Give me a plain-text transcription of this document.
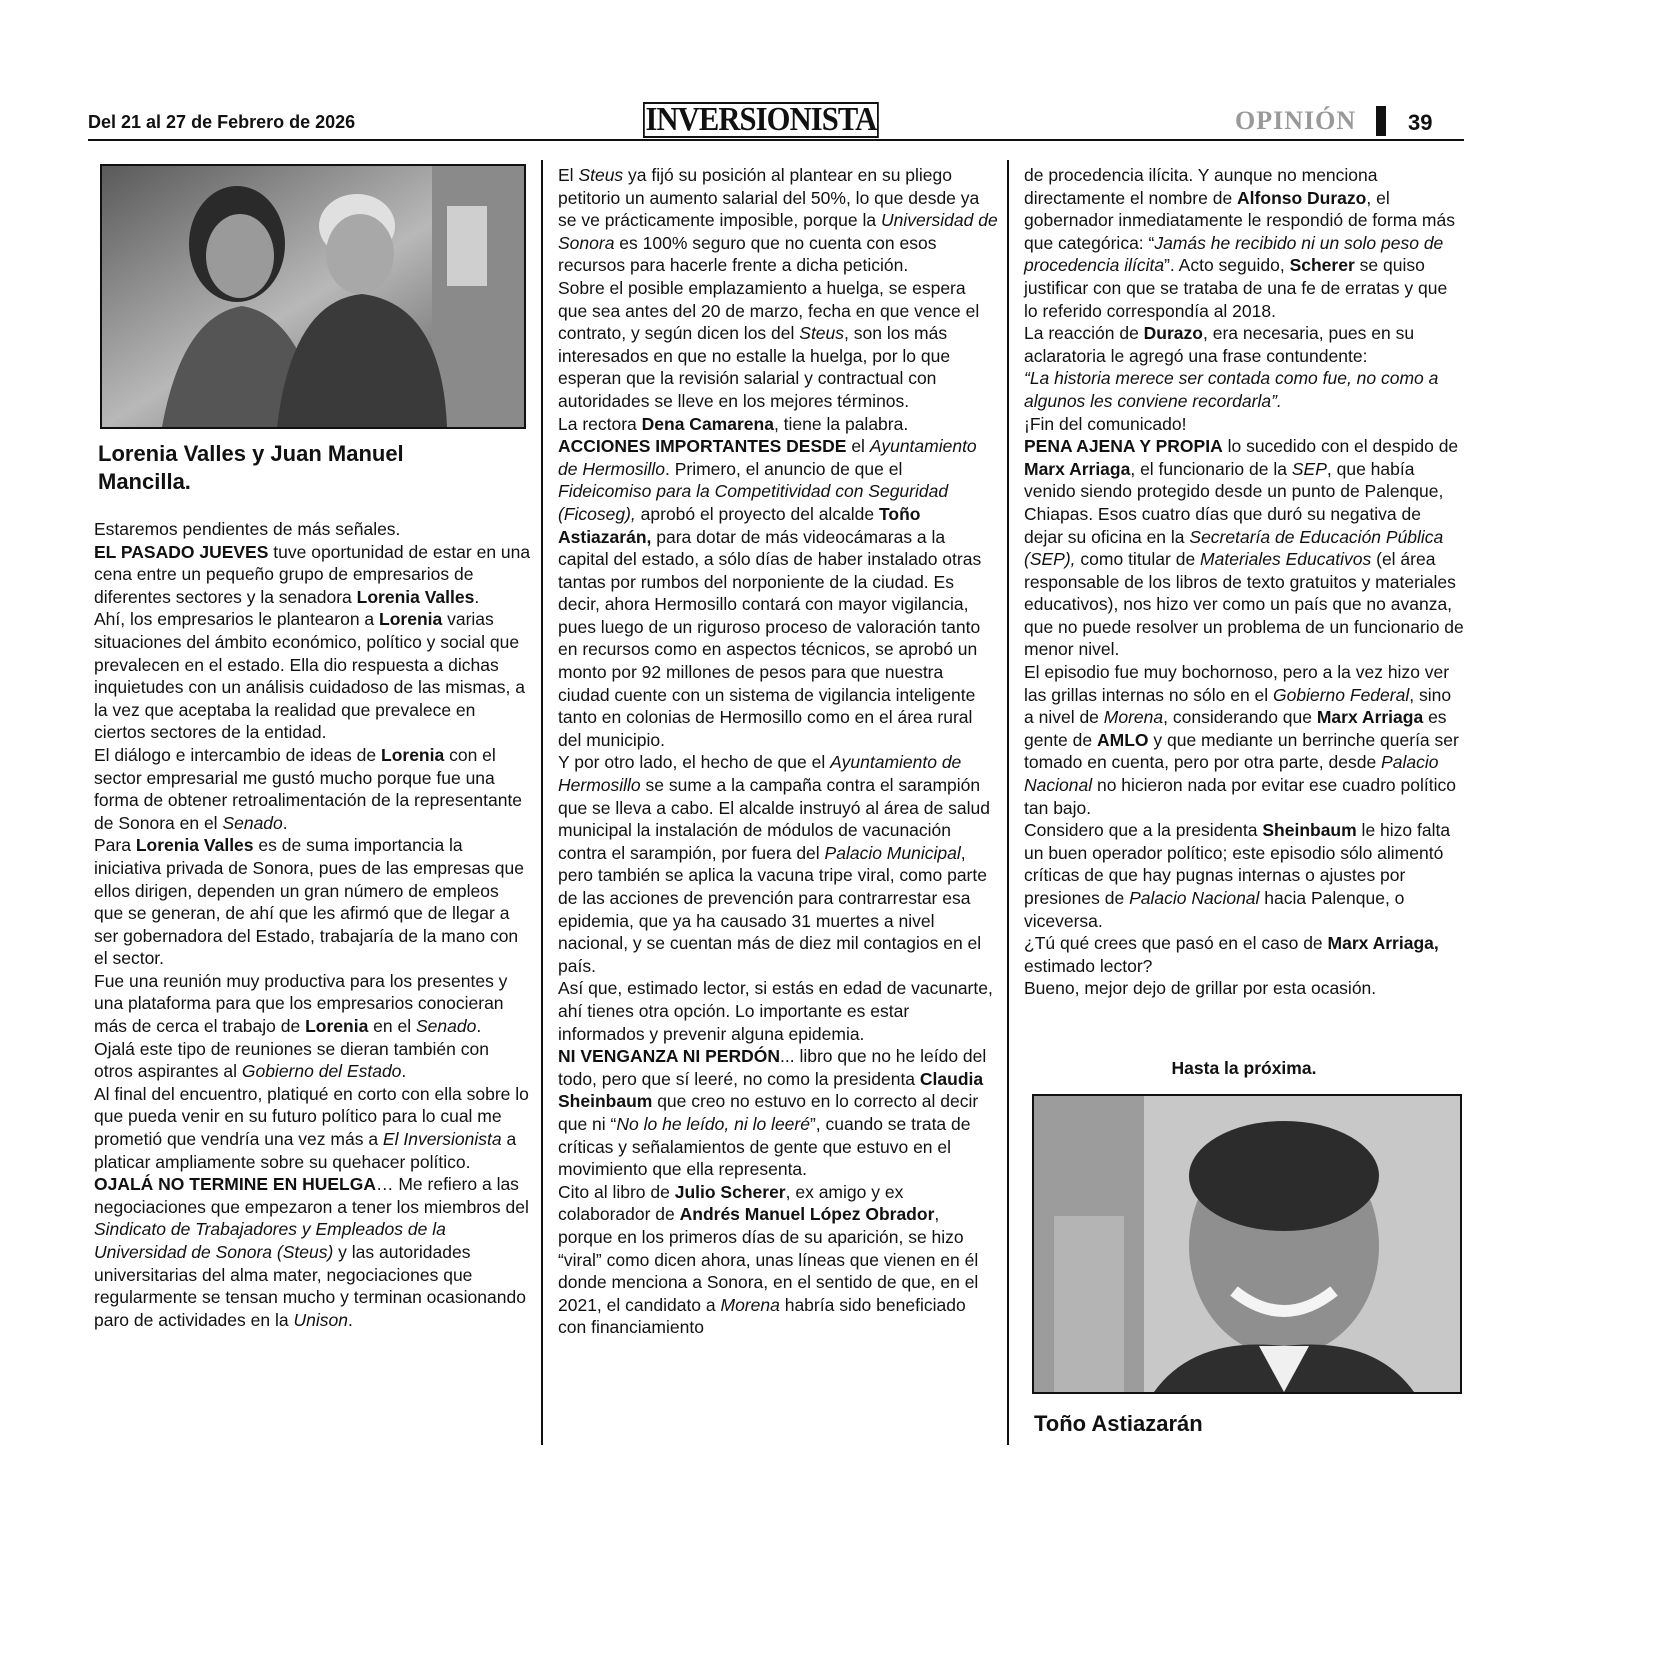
Del 21 al 27 de Febrero de 2026	INVERSIONISTA	OPINIÓN 39
Lorenia Valles y Juan Manuel Mancilla.

Estaremos pendientes de más señales.

EL PASADO JUEVES tuve oportunidad de estar en una cena entre un pequeño grupo de empresarios de diferentes sectores y la senadora Lorenia Valles.

Ahí, los empresarios le plantearon a Lorenia varias situaciones del ámbito económico, político y social que prevalecen en el estado. Ella dio respuesta a dichas inquietudes con un análisis cuidadoso de las mismas, a la vez que aceptaba la realidad que prevalece en ciertos sectores de la entidad.

El diálogo e intercambio de ideas de Lorenia con el sector empresarial me gustó mucho porque fue una forma de obtener retroalimentación de la representante de Sonora en el Senado.

Para Lorenia Valles es de suma importancia la iniciativa privada de Sonora, pues de las empresas que ellos dirigen, dependen un gran número de empleos que se generan, de ahí que les afirmó que de llegar a ser gobernadora del Estado, trabajaría de la mano con el sector.

Fue una reunión muy productiva para los presentes y una plataforma para que los empresarios conocieran más de cerca el trabajo de Lorenia en el Senado.

Ojalá este tipo de reuniones se dieran también con otros aspirantes al Gobierno del Estado.

Al final del encuentro, platiqué en corto con ella sobre lo que pueda venir en su futuro político para lo cual me prometió que vendría una vez más a El Inversionista a platicar ampliamente sobre su quehacer político.

OJALÁ NO TERMINE EN HUELGA… Me refiero a las negociaciones que empezaron a tener los miembros del Sindicato de Trabajadores y Empleados de la Universidad de Sonora (Steus) y las autoridades universitarias del alma mater, negociaciones que regularmente se tensan mucho y terminan ocasionando paro de actividades en la Unison.

El Steus ya fijó su posición al plantear en su pliego petitorio un aumento salarial del 50%, lo que desde ya se ve prácticamente imposible, porque la Universidad de Sonora es 100% seguro que no cuenta con esos recursos para hacerle frente a dicha petición.

Sobre el posible emplazamiento a huelga, se espera que sea antes del 20 de marzo, fecha en que vence el contrato, y según dicen los del Steus, son los más interesados en que no estalle la huelga, por lo que esperan que la revisión salarial y contractual con autoridades se lleve en los mejores términos.

La rectora Dena Camarena, tiene la palabra.

ACCIONES IMPORTANTES DESDE el Ayuntamiento de Hermosillo. Primero, el anuncio de que el Fideicomiso para la Competitividad con Seguridad (Ficoseg), aprobó el proyecto del alcalde Toño Astiazarán, para dotar de más videocámaras a la capital del estado, a sólo días de haber instalado otras tantas por rumbos del norponiente de la ciudad. Es decir, ahora Hermosillo contará con mayor vigilancia, pues luego de un riguroso proceso de valoración tanto en recursos como en aspectos técnicos, se aprobó un monto por 92 millones de pesos para que nuestra ciudad cuente con un sistema de vigilancia inteligente tanto en colonias de Hermosillo como en el área rural del municipio.

Y por otro lado, el hecho de que el Ayuntamiento de Hermosillo se sume a la campaña contra el sarampión que se lleva a cabo. El alcalde instruyó al área de salud municipal la instalación de módulos de vacunación contra el sarampión, por fuera del Palacio Municipal, pero también se aplica la vacuna tripe viral, como parte de las acciones de prevención para contrarrestar esa epidemia, que ya ha causado 31 muertes a nivel nacional, y se cuentan más de diez mil contagios en el país.

Así que, estimado lector, si estás en edad de vacunarte, ahí tienes otra opción. Lo importante es estar informados y prevenir alguna epidemia.

NI VENGANZA NI PERDÓN... libro que no he leído del todo, pero que sí leeré, no como la presidenta Claudia Sheinbaum que creo no estuvo en lo correcto al decir que ni “No lo he leído, ni lo leeré”, cuando se trata de críticas y señalamientos de gente que estuvo en el movimiento que ella representa.

Cito al libro de Julio Scherer, ex amigo y ex colaborador de Andrés Manuel López Obrador, porque en los primeros días de su aparición, se hizo “viral” como dicen ahora, unas líneas que vienen en él donde menciona a Sonora, en el sentido de que, en el 2021, el candidato a Morena habría sido beneficiado con financiamiento

de procedencia ilícita. Y aunque no menciona directamente el nombre de Alfonso Durazo, el gobernador inmediatamente le respondió de forma más que categórica: “Jamás he recibido ni un solo peso de procedencia ilícita”. Acto seguido, Scherer se quiso justificar con que se trataba de una fe de erratas y que lo referido correspondía al 2018.

La reacción de Durazo, era necesaria, pues en su aclaratoria le agregó una frase contundente:

“La historia merece ser contada como fue, no como a algunos les conviene recordarla”.

¡Fin del comunicado!

PENA AJENA Y PROPIA lo sucedido con el despido de Marx Arriaga, el funcionario de la SEP, que había venido siendo protegido desde un punto de Palenque, Chiapas. Esos cuatro días que duró su negativa de dejar su oficina en la Secretaría de Educación Pública (SEP), como titular de Materiales Educativos (el área responsable de los libros de texto gratuitos y materiales educativos), nos hizo ver como un país que no avanza, que no puede resolver un problema de un funcionario de menor nivel.

El episodio fue muy bochornoso, pero a la vez hizo ver las grillas internas no sólo en el Gobierno Federal, sino a nivel de Morena, considerando que Marx Arriaga es gente de AMLO y que mediante un berrinche quería ser tomado en cuenta, pero por otra parte, desde Palacio Nacional no hicieron nada por evitar ese cuadro político tan bajo.

Considero que a la presidenta Sheinbaum le hizo falta un buen operador político; este episodio sólo alimentó críticas de que hay pugnas internas o ajustes por presiones de Palacio Nacional hacia Palenque, o viceversa.

¿Tú qué crees que pasó en el caso de Marx Arriaga, estimado lector?

Bueno, mejor dejo de grillar por esta ocasión.

Hasta la próxima.
Toño Astiazarán
